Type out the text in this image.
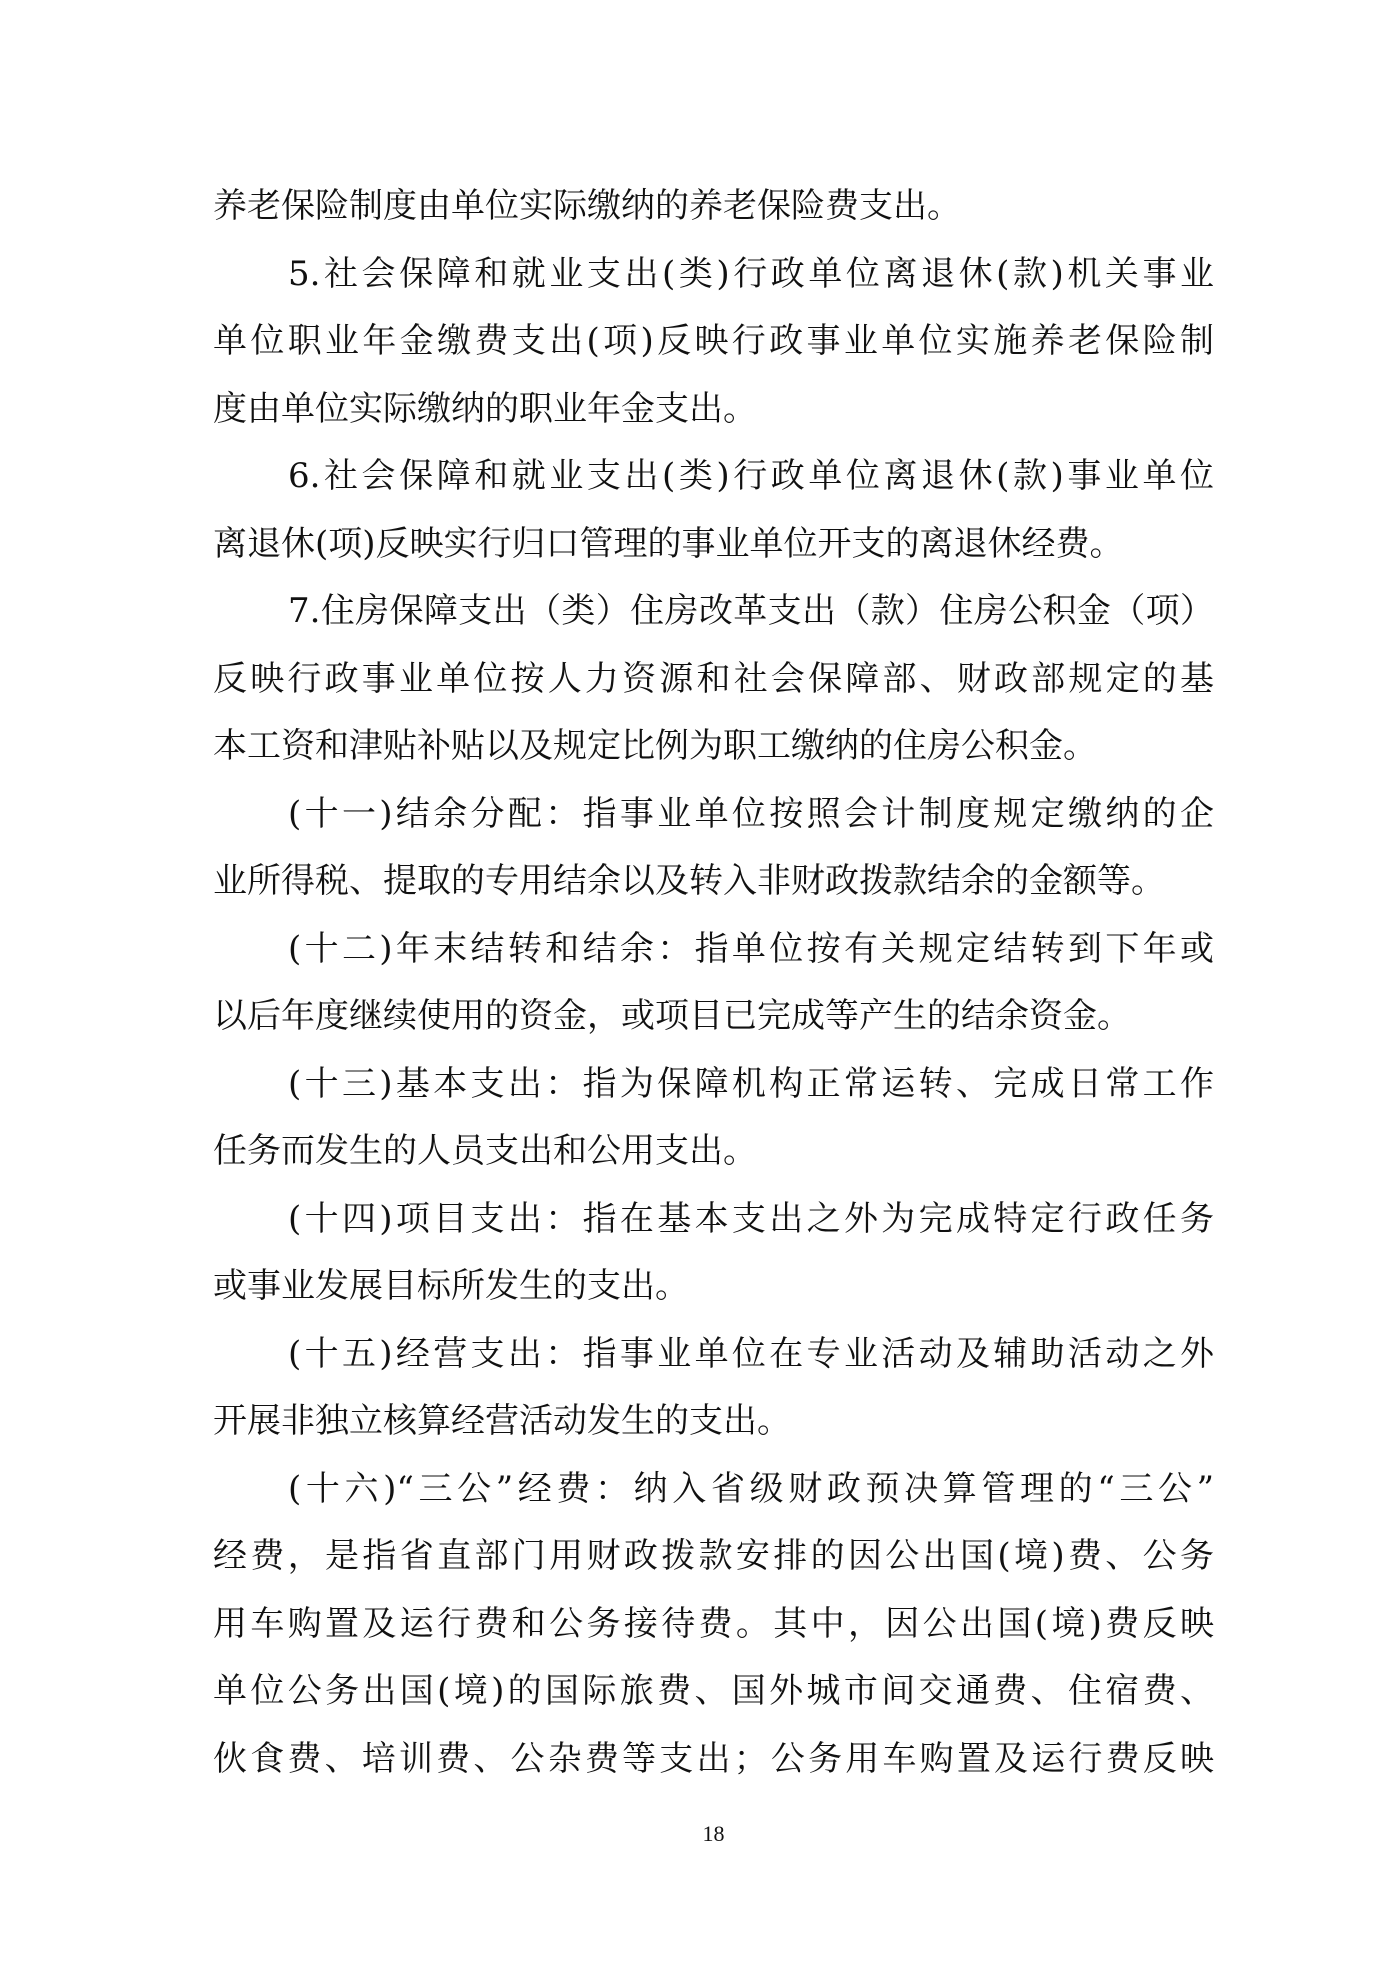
养老保险制度由单位实际缴纳的养老保险费支出。
5.社会保障和就业支出(类)行政单位离退休(款)机关事业
单位职业年金缴费支出(项)反映行政事业单位实施养老保险制
度由单位实际缴纳的职业年金支出。
6.社会保障和就业支出(类)行政单位离退休(款)事业单位
离退休(项)反映实行归口管理的事业单位开支的离退休经费。
7.住房保障支出（类）住房改革支出（款）住房公积金（项）
反映行政事业单位按人力资源和社会保障部、财政部规定的基
本工资和津贴补贴以及规定比例为职工缴纳的住房公积金。
(十一)结余分配：指事业单位按照会计制度规定缴纳的企
业所得税、提取的专用结余以及转入非财政拨款结余的金额等。
(十二)年末结转和结余：指单位按有关规定结转到下年或
以后年度继续使用的资金，或项目已完成等产生的结余资金。
(十三)基本支出：指为保障机构正常运转、完成日常工作
任务而发生的人员支出和公用支出。
(十四)项目支出：指在基本支出之外为完成特定行政任务
或事业发展目标所发生的支出。
(十五)经营支出：指事业单位在专业活动及辅助活动之外
开展非独立核算经营活动发生的支出。
(十六)“三公”经费：纳入省级财政预决算管理的“三公”
经费，是指省直部门用财政拨款安排的因公出国(境)费、公务
用车购置及运行费和公务接待费。其中，因公出国(境)费反映
单位公务出国(境)的国际旅费、国外城市间交通费、住宿费、
伙食费、培训费、公杂费等支出；公务用车购置及运行费反映
18
